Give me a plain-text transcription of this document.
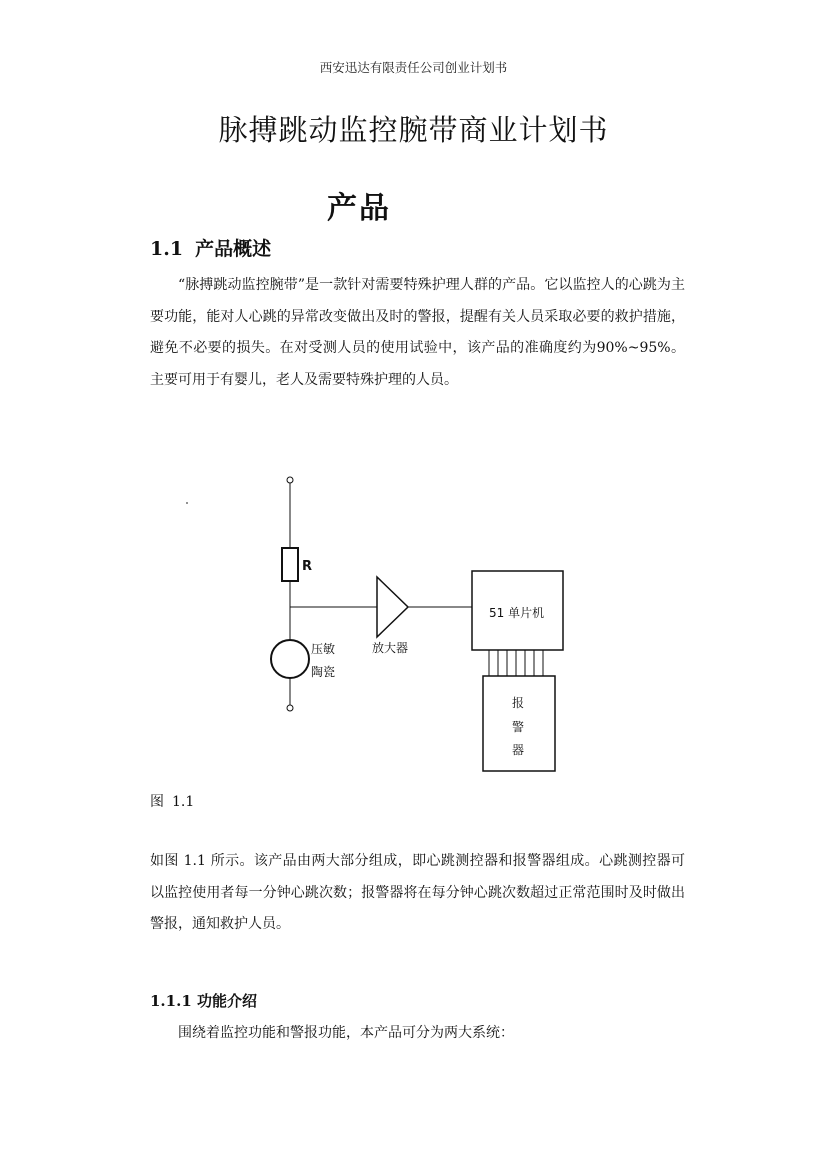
西安迅达有限责任公司创业计划书
脉搏跳动监控腕带商业计划书
产品
1.1 产品概述

“脉搏跳动监控腕带”是一款针对需要特殊护理人群的产品。它以监控人的心跳为主要功能，能对人心跳的异常改变做出及时的警报，提醒有关人员采取必要的救护措施，避免不必要的损失。在对受测人员的使用试验中，该产品的准确度约为90%~95%。主要可用于有婴儿，老人及需要特殊护理的人员。

R
放大器
51 单片机
报
警
器
压敏
陶瓷
图 1.1

如图 1.1 所示。该产品由两大部分组成，即心跳测控器和报警器组成。心跳测控器可以监控使用者每一分钟心跳次数；报警器将在每分钟心跳次数超过正常范围时及时做出警报，通知救护人员。

1.1.1 功能介绍

围绕着监控功能和警报功能，本产品可分为两大系统：
